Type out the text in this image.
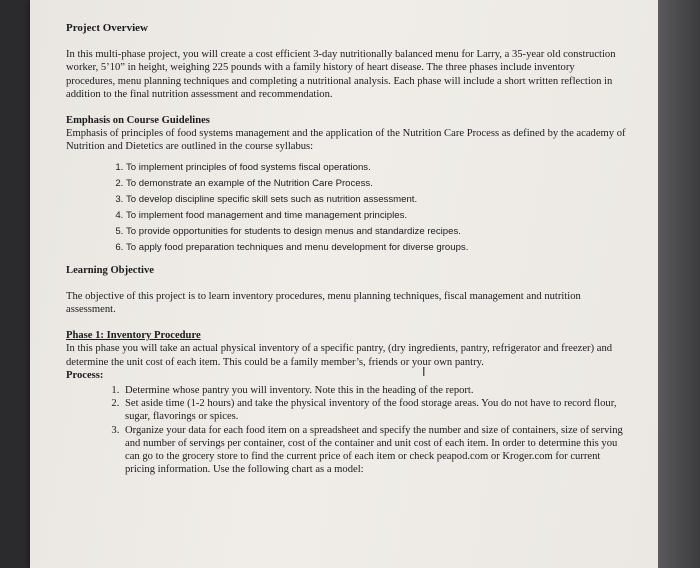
Project Overview

In this multi-phase project, you will create a cost efficient 3-day nutritionally balanced menu for Larry, a 35-year old construction worker, 5’10” in height, weighing 225 pounds with a family history of heart disease. The three phases include inventory procedures, menu planning techniques and completing a nutritional analysis. Each phase will include a short written reflection in addition to the final nutrition assessment and recommendation.

Emphasis on Course Guidelines

Emphasis of principles of food systems management and the application of the Nutrition Care Process as defined by the academy of Nutrition and Dietetics are outlined in the course syllabus:

1. To implement principles of food systems fiscal operations.
2. To demonstrate an example of the Nutrition Care Process.
3. To develop discipline specific skill sets such as nutrition assessment.
4. To implement food management and time management principles.
5. To provide opportunities for students to design menus and standardize recipes.
6. To apply food preparation techniques and menu development for diverse groups.

Learning Objective

The objective of this project is to learn inventory procedures, menu planning techniques, fiscal management and nutrition assessment.

Phase 1: Inventory Procedure

In this phase you will take an actual physical inventory of a specific pantry, (dry ingredients, pantry, refrigerator and freezer) and determine the unit cost of each item. This could be a family member’s, friends or your own pantry.

Process:

1. Determine whose pantry you will inventory. Note this in the heading of the report.
2. Set aside time (1-2 hours) and take the physical inventory of the food storage areas. You do not have to record flour, sugar, flavorings or spices.
3. Organize your data for each food item on a spreadsheet and specify the number and size of containers, size of serving and number of servings per container, cost of the container and unit cost of each item. In order to determine this you can go to the grocery store to find the current price of each item or check peapod.com or Kroger.com for current pricing information. Use the following chart as a model:
I
